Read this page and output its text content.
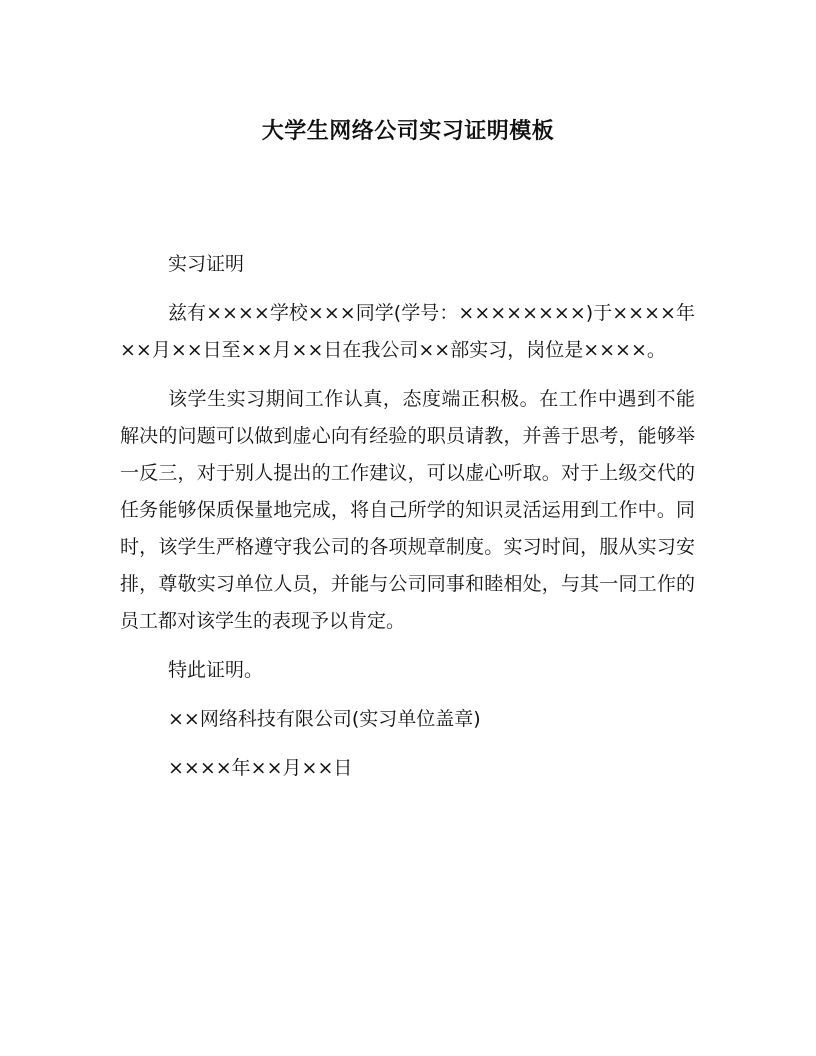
大学生网络公司实习证明模板

实习证明

兹有××××学校×××同学(学号：××××××××)于××××年××月××日至××月××日在我公司××部实习，岗位是××××。

该学生实习期间工作认真，态度端正积极。在工作中遇到不能解决的问题可以做到虚心向有经验的职员请教，并善于思考，能够举一反三，对于别人提出的工作建议，可以虚心听取。对于上级交代的任务能够保质保量地完成，将自己所学的知识灵活运用到工作中。同时，该学生严格遵守我公司的各项规章制度。实习时间，服从实习安排，尊敬实习单位人员，并能与公司同事和睦相处，与其一同工作的员工都对该学生的表现予以肯定。

特此证明。

××网络科技有限公司(实习单位盖章)

××××年××月××日
